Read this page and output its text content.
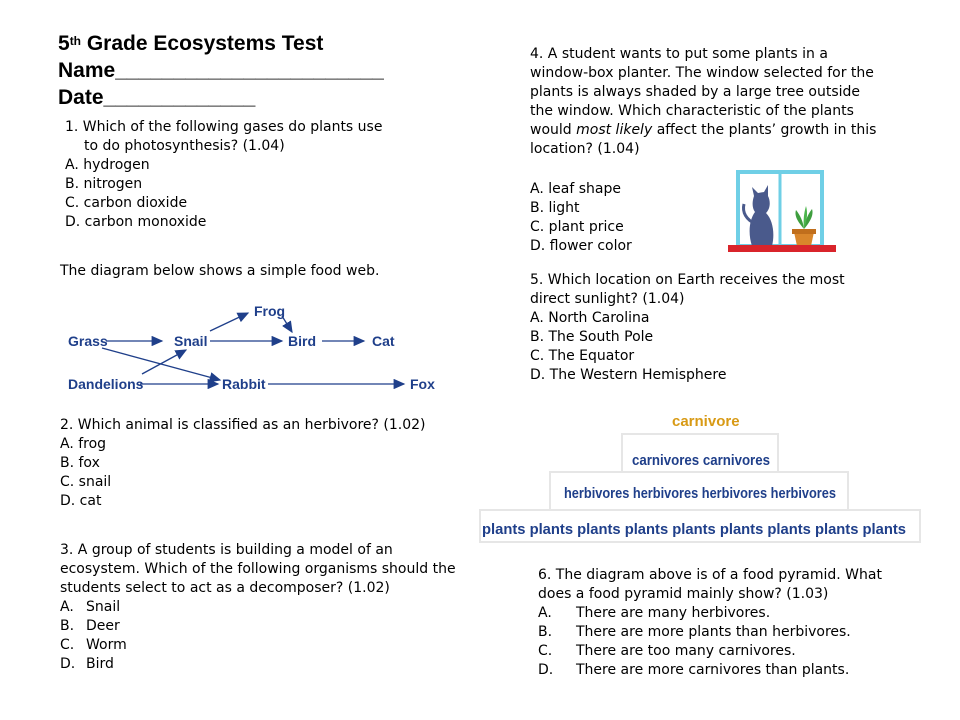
5th Grade Ecosystems Test
Name_______________________
Date_____________
1. Which of the following gases do plants use
to do photosynthesis? (1.04)
A. hydrogen
B. nitrogen
C. carbon dioxide
D. carbon monoxide
The diagram below shows a simple food web.
Grass	Snail
Frog
Bird	Cat
Dandelions	Rabbit	Fox
2. Which animal is classified as an herbivore? (1.02)
A. frog
B. fox
C. snail
D. cat
3. A group of students is building a model of an
ecosystem. Which of the following organisms should the
students select to act as a decomposer? (1.02)
A. Snail
B. Deer
C. Worm
D. Bird
4. A student wants to put some plants in a
window-box planter. The window selected for the
plants is always shaded by a large tree outside
the window. Which characteristic of the plants
would most likely affect the plants’ growth in this
location? (1.04)
A. leaf shape
B. light
C. plant price
D. flower color
5. Which location on Earth receives the most
direct sunlight? (1.04)
A. North Carolina
B. The South Pole
C. The Equator
D. The Western Hemisphere
carnivore
carnivores carnivores
herbivores herbivores herbivores herbivores
plants plants plants plants plants plants plants plants plants
6. The diagram above is of a food pyramid. What
does a food pyramid mainly show? (1.03)
A. There are many herbivores.
B. There are more plants than herbivores.
C. There are too many carnivores.
D. There are more carnivores than plants.
